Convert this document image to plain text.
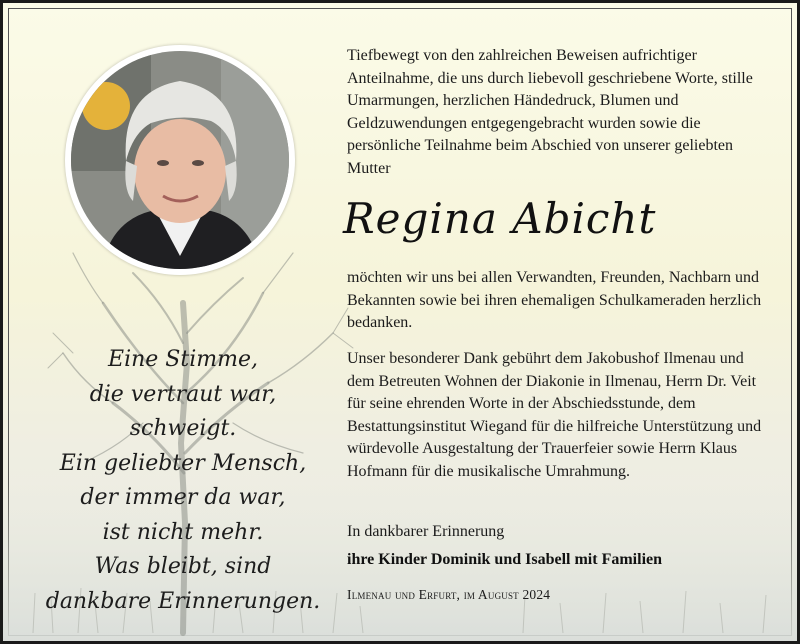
Eine Stimme,
die vertraut war,
schweigt.
Ein geliebter Mensch,
der immer da war,
ist nicht mehr.
Was bleibt, sind
dankbare Erinnerungen.
Tiefbewegt von den zahlreichen Beweisen aufrichtiger Anteilnahme, die uns durch liebevoll geschriebene Worte, stille Umarmungen, herzlichen Händedruck, Blumen und Geldzuwendungen entgegengebracht wurden sowie die persönliche Teilnahme beim Abschied von unserer geliebten Mutter
Regina Abicht
möchten wir uns bei allen Verwandten, Freunden, Nachbarn und Bekannten sowie bei ihren ehemaligen Schulkameraden herzlich bedanken.
Unser besonderer Dank gebührt dem Jakobushof Ilmenau und dem Betreuten Wohnen der Diakonie in Ilmenau, Herrn Dr. Veit für seine ehrenden Worte in der Abschiedsstunde, dem Bestattungsinstitut Wiegand für die hilfreiche Unterstützung und würdevolle Ausgestaltung der Trauerfeier sowie Herrn Klaus Hofmann für die musikalische Umrahmung.
In dankbarer Erinnerung
ihre Kinder Dominik und Isabell mit Familien
Ilmenau und Erfurt, im August 2024
